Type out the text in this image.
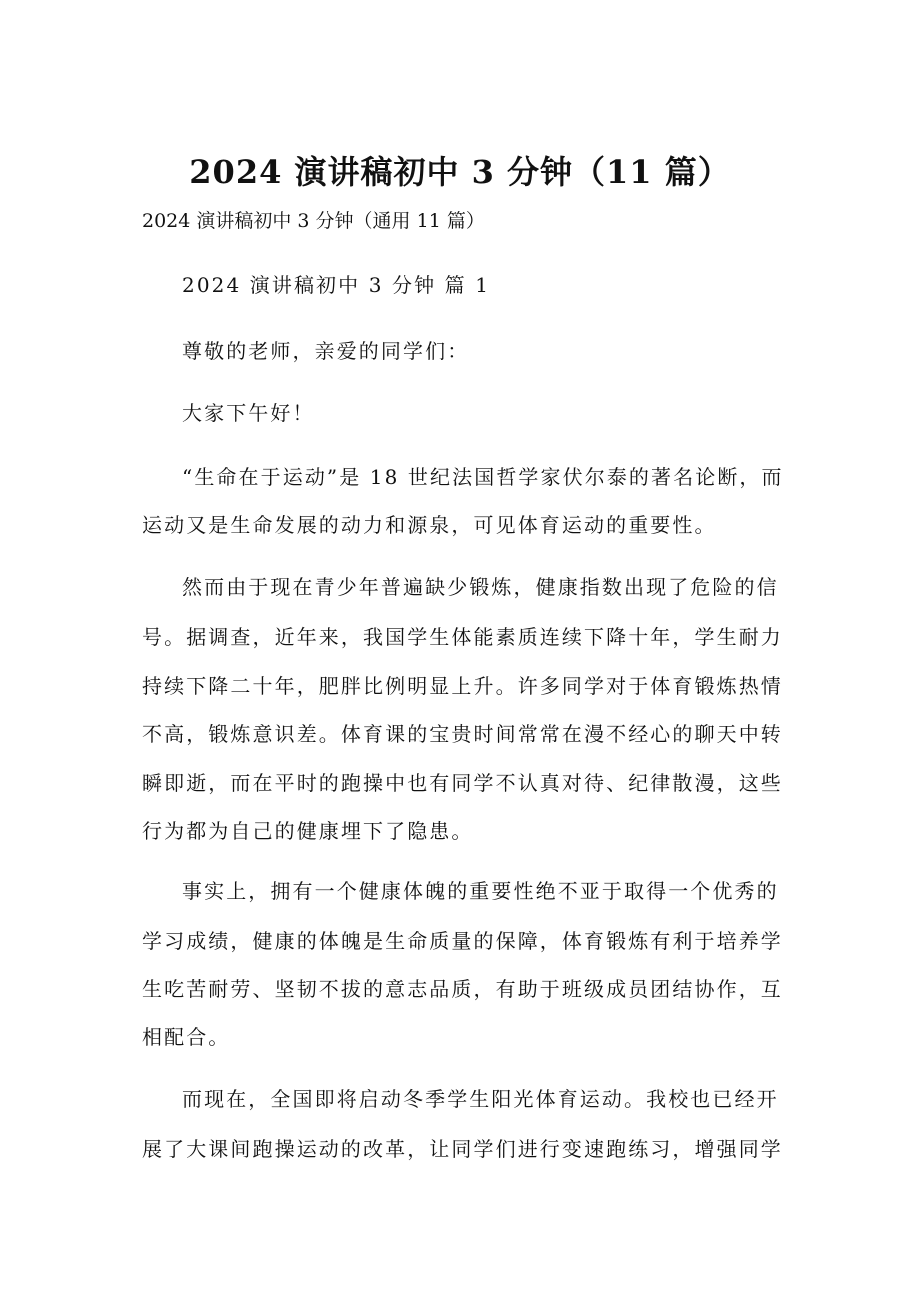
2024 演讲稿初中 3 分钟（11 篇）
2024 演讲稿初中 3 分钟（通用 11 篇）
2024 演讲稿初中 3 分钟 篇 1
尊敬的老师，亲爱的同学们：
大家下午好！
“生命在于运动”是 18 世纪法国哲学家伏尔泰的著名论断，而
运动又是生命发展的动力和源泉，可见体育运动的重要性。
然而由于现在青少年普遍缺少锻炼，健康指数出现了危险的信
号。据调查，近年来，我国学生体能素质连续下降十年，学生耐力
持续下降二十年，肥胖比例明显上升。许多同学对于体育锻炼热情
不高，锻炼意识差。体育课的宝贵时间常常在漫不经心的聊天中转
瞬即逝，而在平时的跑操中也有同学不认真对待、纪律散漫，这些
行为都为自己的健康埋下了隐患。
事实上，拥有一个健康体魄的重要性绝不亚于取得一个优秀的
学习成绩，健康的体魄是生命质量的保障，体育锻炼有利于培养学
生吃苦耐劳、坚韧不拔的意志品质，有助于班级成员团结协作，互
相配合。
而现在，全国即将启动冬季学生阳光体育运动。我校也已经开
展了大课间跑操运动的改革，让同学们进行变速跑练习，增强同学
